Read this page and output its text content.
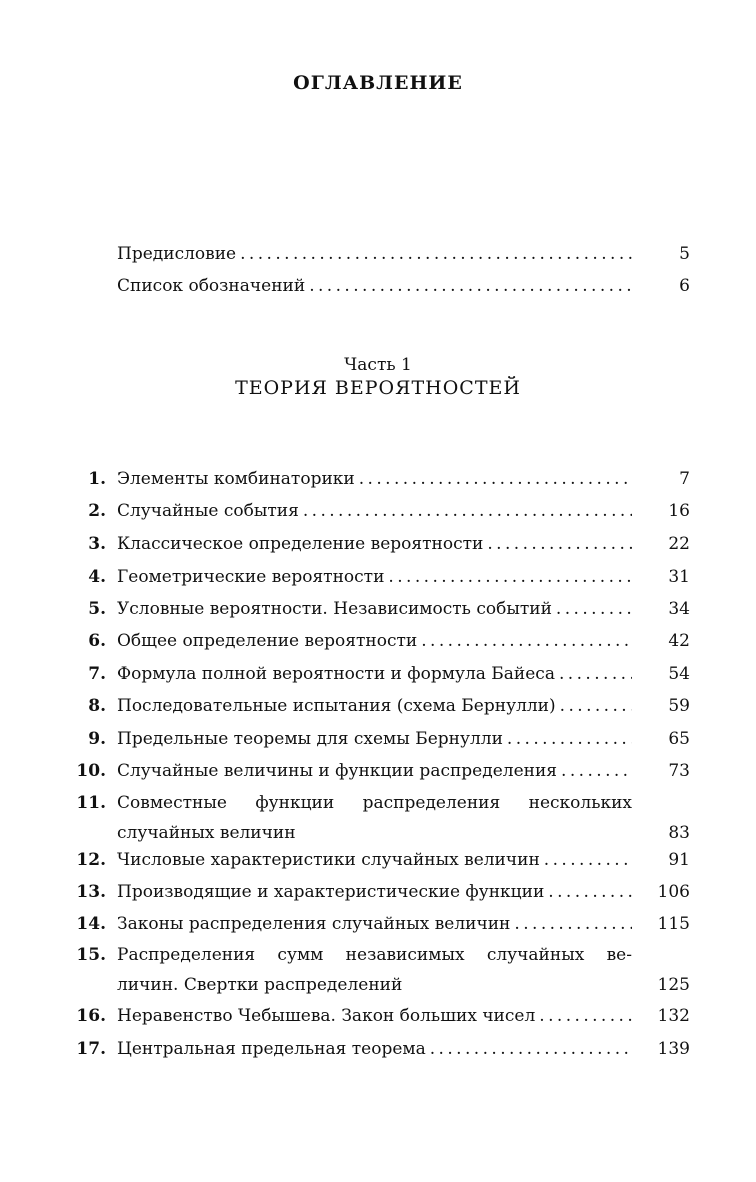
ОГЛАВЛЕНИЕ
Предисловие . . .	5
Список обозначений . . .	6
Часть 1
ТЕОРИЯ ВЕРОЯТНОСТЕЙ
1. Элементы комбинаторики . . .	7
2. Случайные события . . .	16
3. Классическое определение вероятности . . .	22
4. Геометрические вероятности . . .	31
5. Условные вероятности. Независимость событий . . .	34
6. Общее определение вероятности . . .	42
7. Формула полной вероятности и формула Байеса . . .	54
8. Последовательные испытания (схема Бернулли) . . .	59
9. Предельные теоремы для схемы Бернулли . . .	65
10. Случайные величины и функции распределения . . .	73
11. Совместные функции распределения нескольких
случайных величин	83
12. Числовые характеристики случайных величин . . .	91
13. Производящие и характеристические функции . . .	106
14. Законы распределения случайных величин . . .	115
15. Распределения сумм независимых случайных ве-
личин. Свертки распределений	125
16. Неравенство Чебышева. Закон больших чисел . . .	132
17. Центральная предельная теорема . . .	139
